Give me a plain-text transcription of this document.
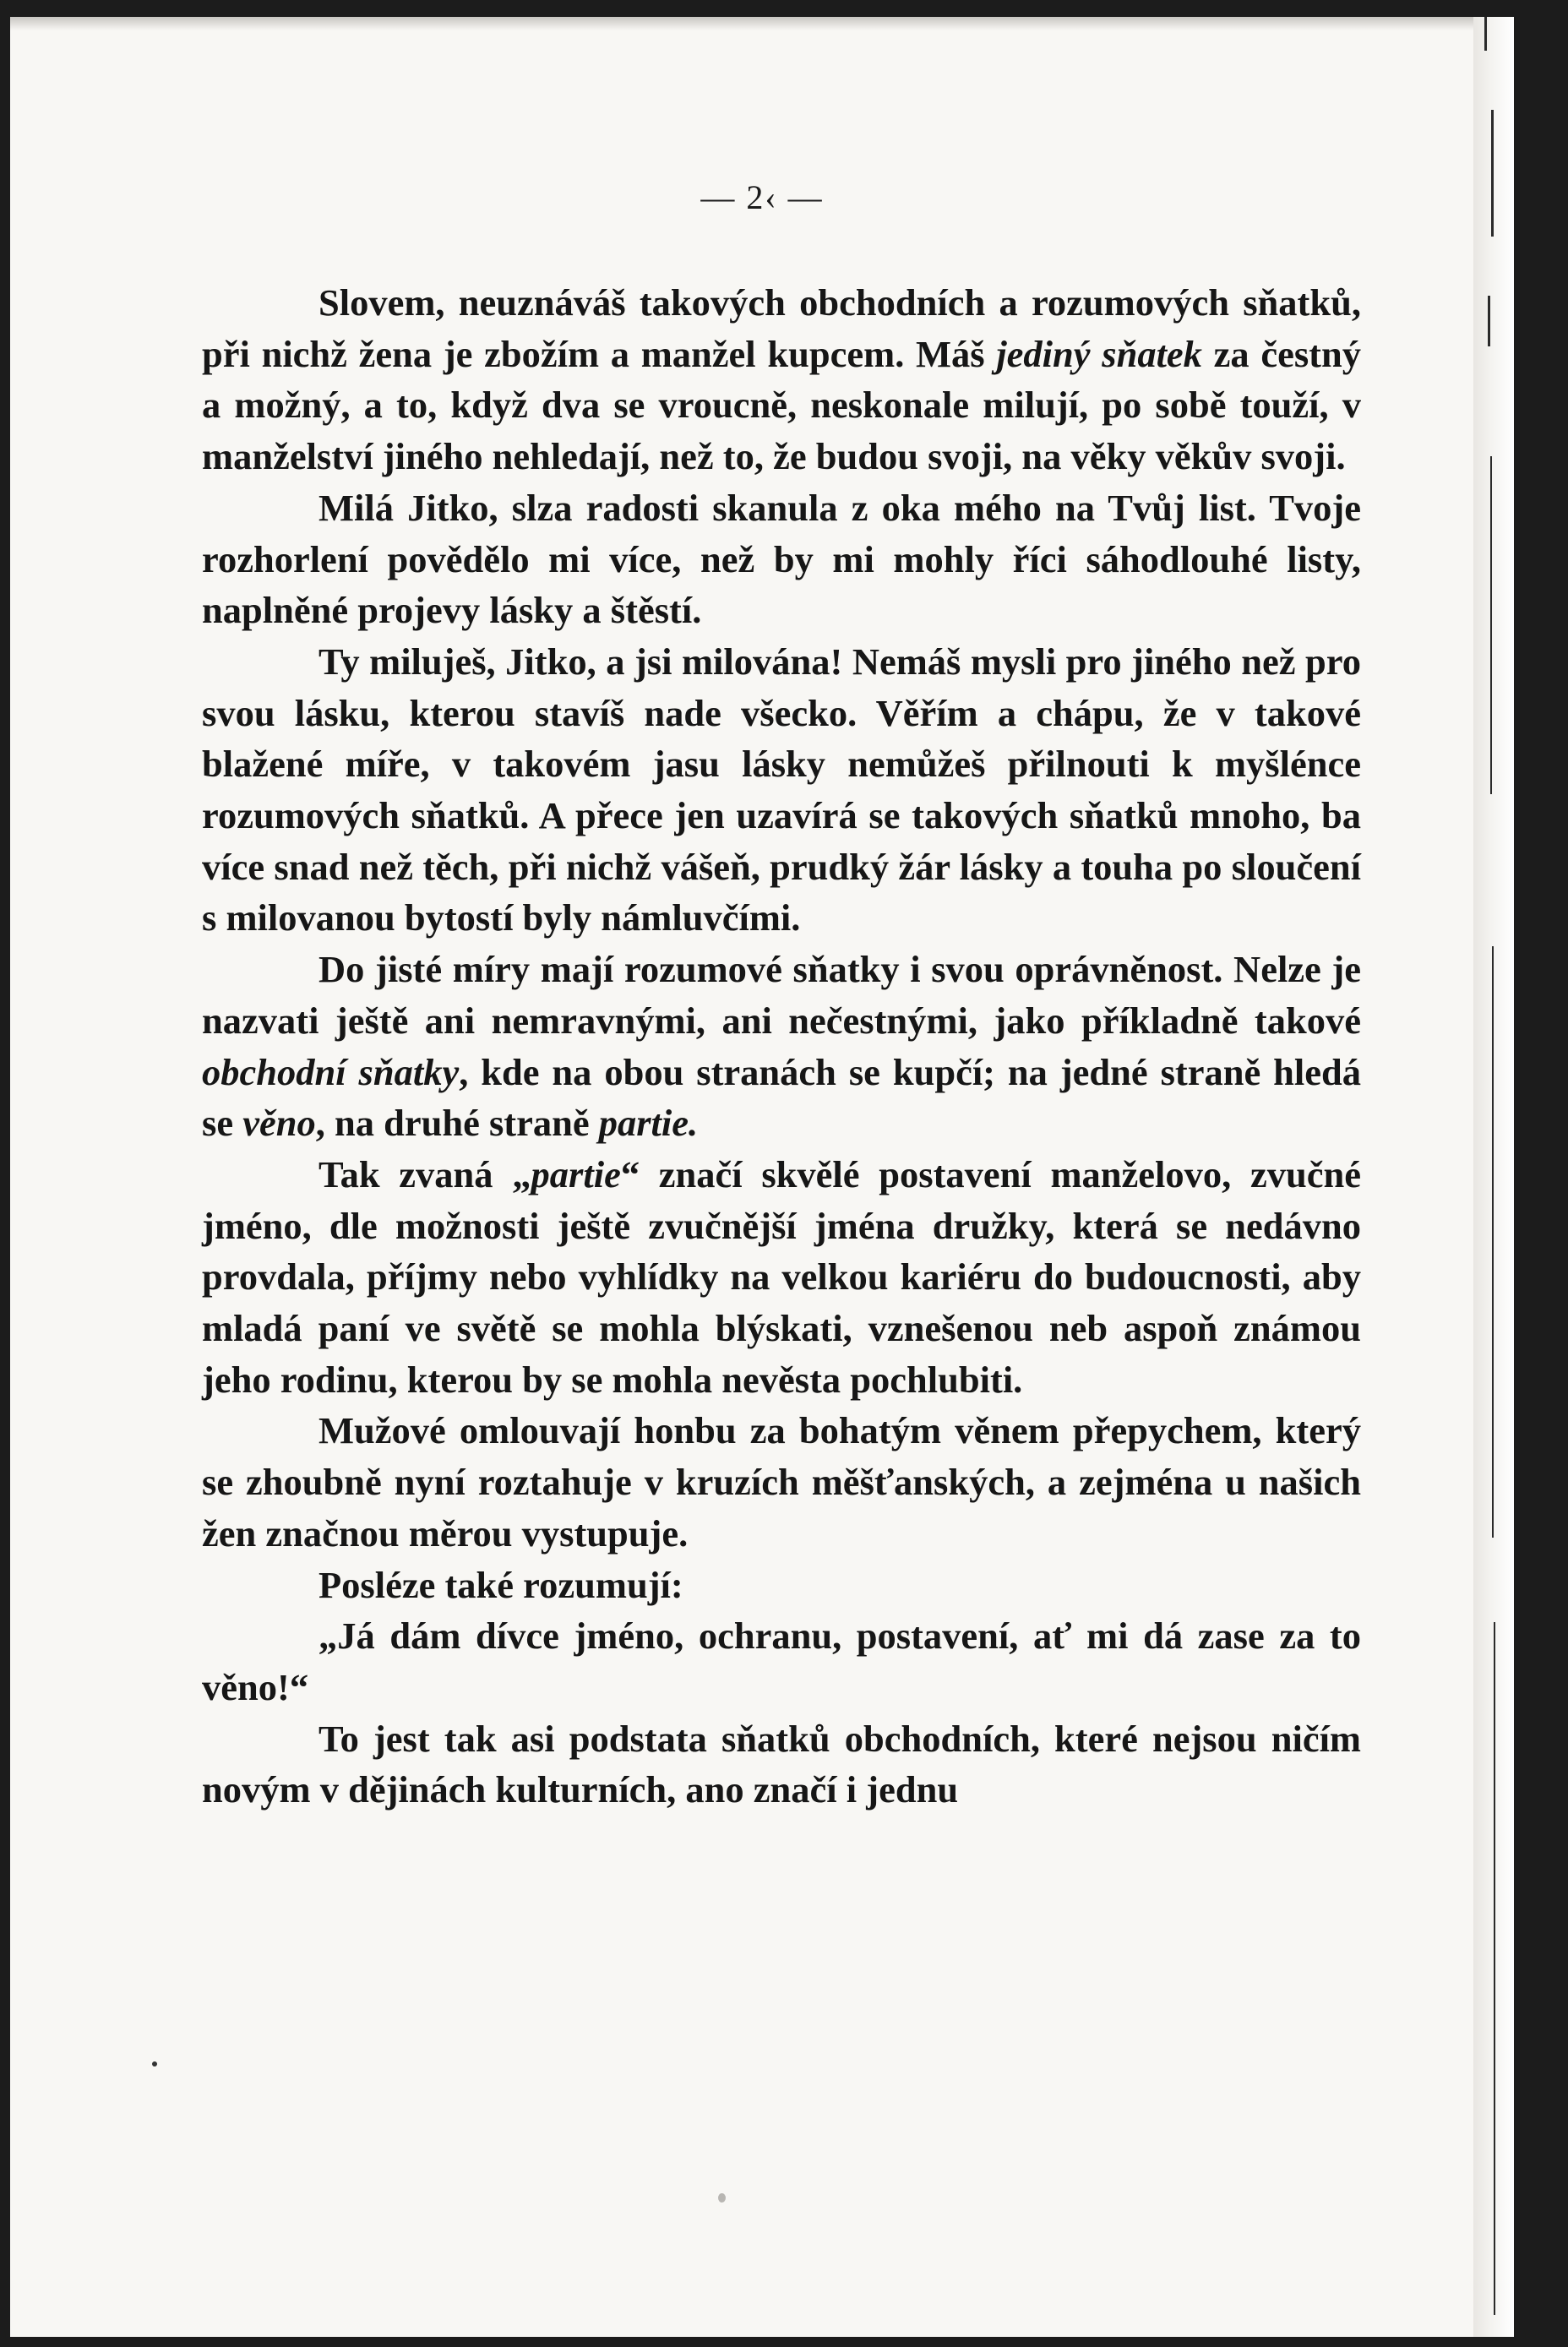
— 2‹ —

Slovem, neuznáváš takových obchodních a rozumových sňatků, při nichž žena je zbožím a manžel kupcem. Máš jediný sňatek za čestný a možný, a to, když dva se vroucně, neskonale milují, po sobě touží, v manželství jiného nehledají, než to, že budou svoji, na věky věkův svoji.

Milá Jitko, slza radosti skanula z oka mého na Tvůj list. Tvoje rozhorlení povědělo mi více, než by mi mohly říci sáhodlouhé listy, naplněné projevy lásky a štěstí.

Ty miluješ, Jitko, a jsi milována! Nemáš mysli pro jiného než pro svou lásku, kterou stavíš nade všecko. Věřím a chápu, že v takové blažené míře, v takovém jasu lásky nemůžeš přilnouti k myšlénce rozumových sňatků. A přece jen uzavírá se takových sňatků mnoho, ba více snad než těch, při nichž vášeň, prudký žár lásky a touha po sloučení s milovanou bytostí byly námluvčími.

Do jisté míry mají rozumové sňatky i svou oprávněnost. Nelze je nazvati ještě ani nemravnými, ani nečestnými, jako příkladně takové obchodní sňatky, kde na obou stranách se kupčí; na jedné straně hledá se věno, na druhé straně partie.

Tak zvaná „partie“ značí skvělé postavení manželovo, zvučné jméno, dle možnosti ještě zvučnější jména družky, která se nedávno provdala, příjmy nebo vyhlídky na velkou kariéru do budoucnosti, aby mladá paní ve světě se mohla blýskati, vznešenou neb aspoň známou jeho rodinu, kterou by se mohla nevěsta pochlubiti.

Mužové omlouvají honbu za bohatým věnem přepychem, který se zhoubně nyní roztahuje v kruzích měšťanských, a zejména u našich žen značnou měrou vystupuje.

Posléze také rozumují:

„Já dám dívce jméno, ochranu, postavení, ať mi dá zase za to věno!“

To jest tak asi podstata sňatků obchodních, které nejsou ničím novým v dějinách kulturních, ano značí i jednu
